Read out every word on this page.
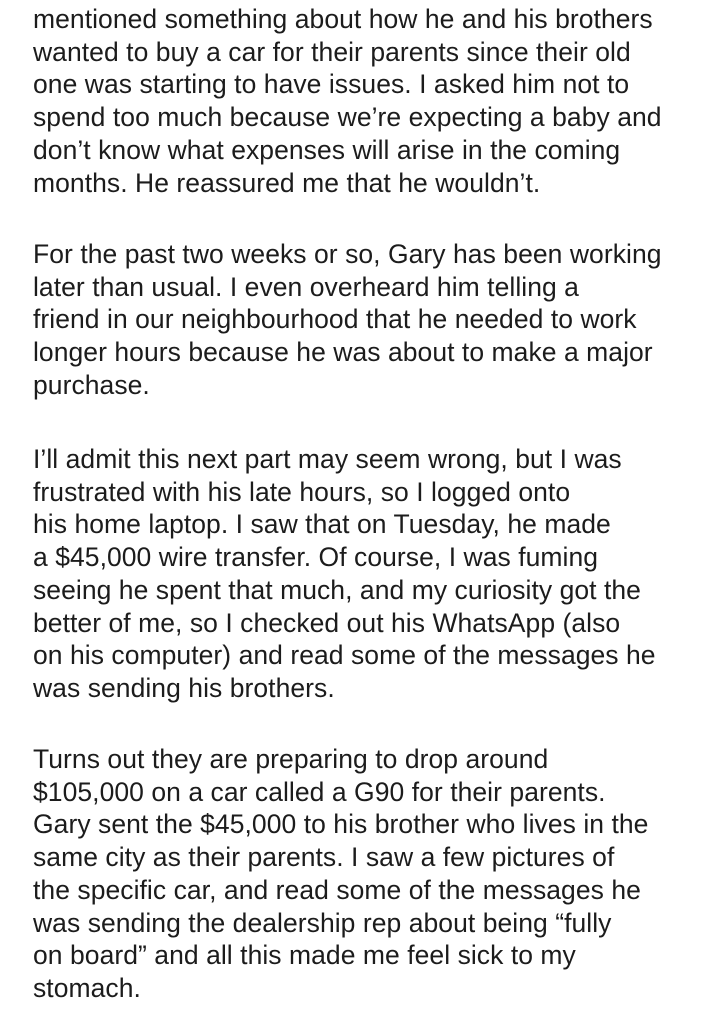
mentioned something about how he and his brothers
wanted to buy a car for their parents since their old
one was starting to have issues. I asked him not to
spend too much because we’re expecting a baby and
don’t know what expenses will arise in the coming
months. He reassured me that he wouldn’t.
For the past two weeks or so, Gary has been working
later than usual. I even overheard him telling a
friend in our neighbourhood that he needed to work
longer hours because he was about to make a major
purchase.
I’ll admit this next part may seem wrong, but I was
frustrated with his late hours, so I logged onto
his home laptop. I saw that on Tuesday, he made
a $45,000 wire transfer. Of course, I was fuming
seeing he spent that much, and my curiosity got the
better of me, so I checked out his WhatsApp (also
on his computer) and read some of the messages he
was sending his brothers.
Turns out they are preparing to drop around
$105,000 on a car called a G90 for their parents.
Gary sent the $45,000 to his brother who lives in the
same city as their parents. I saw a few pictures of
the specific car, and read some of the messages he
was sending the dealership rep about being “fully
on board” and all this made me feel sick to my
stomach.
